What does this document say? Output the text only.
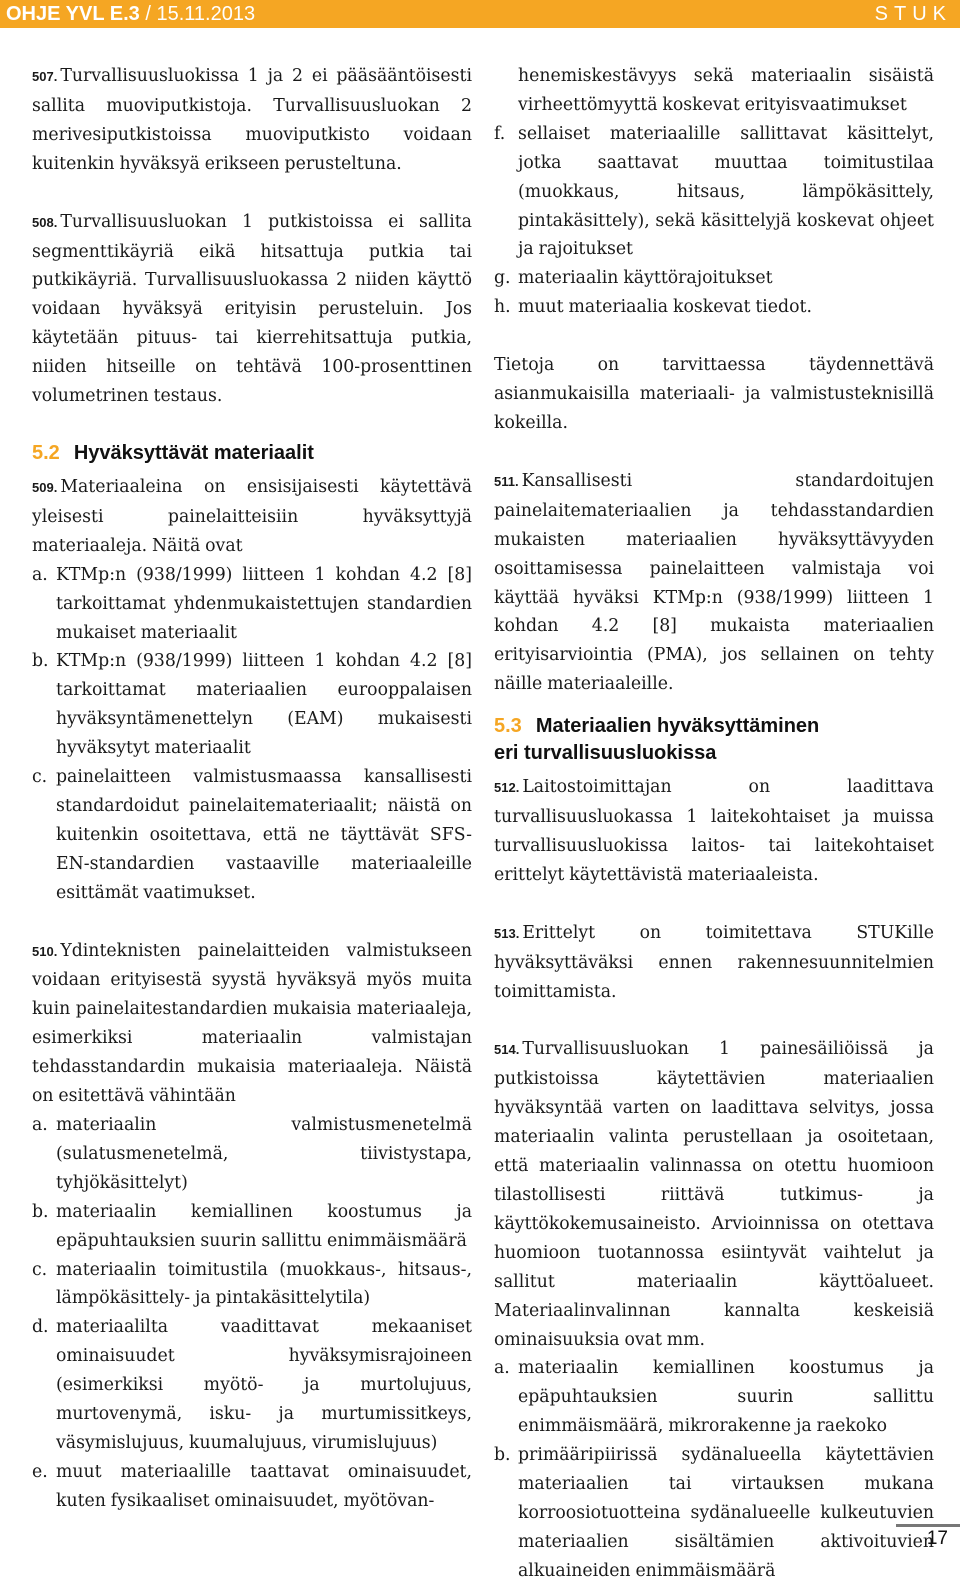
OHJE YVL E.3 / 15.11.2013	STUK

507. Turvallisuusluokissa 1 ja 2 ei pääsääntöisesti sallita muoviputkistoja. Turvallisuusluokan 2 merivesiputkistoissa muoviputkisto voidaan kuitenkin hyväksyä erikseen perusteltuna.

508. Turvallisuusluokan 1 putkistoissa ei sallita segmenttikäyriä eikä hitsattuja putkia tai putkikäyriä. Turvallisuusluokassa 2 niiden käyttö voidaan hyväksyä erityisin perusteluin. Jos käytetään pituus- tai kierrehitsattuja putkia, niiden hitseille on tehtävä 100-prosenttinen volumetrinen testaus.

5.2 Hyväksyttävät materiaalit

509. Materiaaleina on ensisijaisesti käytettävä yleisesti painelaitteisiin hyväksyttyjä materiaaleja. Näitä ovat

a. KTMp:n (938/1999) liitteen 1 kohdan 4.2 [8] tarkoittamat yhdenmukaistettujen standardien mukaiset materiaalit
b. KTMp:n (938/1999) liitteen 1 kohdan 4.2 [8] tarkoittamat materiaalien eurooppalaisen hyväksyntämenettelyn (EAM) mukaisesti hyväksytyt materiaalit
c. painelaitteen valmistusmaassa kansallisesti standardoidut painelaitemateriaalit; näistä on kuitenkin osoitettava, että ne täyttävät SFS-EN-standardien vastaaville materiaaleille esittämät vaatimukset.

510. Ydinteknisten painelaitteiden valmistukseen voidaan erityisestä syystä hyväksyä myös muita kuin painelaitestandardien mukaisia materiaaleja, esimerkiksi materiaalin valmistajan tehdasstandardin mukaisia materiaaleja. Näistä on esitettävä vähintään

a. materiaalin valmistusmenetelmä (sulatusmenetelmä, tiivistystapa, tyhjökäsittelyt)
b. materiaalin kemiallinen koostumus ja epäpuhtauksien suurin sallittu enimmäismäärä
c. materiaalin toimitustila (muokkaus-, hitsaus-, lämpökäsittely- ja pintakäsittelytila)
d. materiaalilta vaadittavat mekaaniset ominaisuudet hyväksymisrajoineen (esimerkiksi myötö- ja murtolujuus, murtovenymä, isku- ja murtumissitkeys, väsymislujuus, kuumalujuus, virumislujuus)
e. muut materiaalille taattavat ominaisuudet, kuten fysikaaliset ominaisuudet, myötövan-
henemiskestävyys sekä materiaalin sisäistä virheettömyyttä koskevat erityisvaatimukset
f. sellaiset materiaalille sallittavat käsittelyt, jotka saattavat muuttaa toimitustilaa (muokkaus, hitsaus, lämpökäsittely, pintakäsittely), sekä käsittelyjä koskevat ohjeet ja rajoitukset
g. materiaalin käyttörajoitukset
h. muut materiaalia koskevat tiedot.

Tietoja on tarvittaessa täydennettävä asianmukaisilla materiaali- ja valmistusteknisillä kokeilla.

511. Kansallisesti standardoitujen painelaitemateriaalien ja tehdasstandardien mukaisten materiaalien hyväksyttävyyden osoittamisessa painelaitteen valmistaja voi käyttää hyväksi KTMp:n (938/1999) liitteen 1 kohdan 4.2 [8] mukaista materiaalien erityisarviointia (PMA), jos sellainen on tehty näille materiaaleille.

5.3 Materiaalien hyväksyttäminen
eri turvallisuusluokissa

512. Laitostoimittajan on laadittava turvallisuusluokassa 1 laitekohtaiset ja muissa turvallisuusluokissa laitos- tai laitekohtaiset erittelyt käytettävistä materiaaleista.

513. Erittelyt on toimitettava STUKille hyväksyttäväksi ennen rakennesuunnitelmien toimittamista.

514. Turvallisuusluokan 1 painesäiliöissä ja putkistoissa käytettävien materiaalien hyväksyntää varten on laadittava selvitys, jossa materiaalin valinta perustellaan ja osoitetaan, että materiaalin valinnassa on otettu huomioon tilastollisesti riittävä tutkimus- ja käyttökokemusaineisto. Arvioinnissa on otettava huomioon tuotannossa esiintyvät vaihtelut ja sallitut materiaalin käyttöalueet. Materiaalinvalinnan kannalta keskeisiä ominaisuuksia ovat mm.

a. materiaalin kemiallinen koostumus ja epäpuhtauksien suurin sallittu enimmäismäärä, mikrorakenne ja raekoko
b. primääripiirissä sydänalueella käytettävien materiaalien tai virtauksen mukana korroosiotuotteina sydänalueelle kulkeutuvien materiaalien sisältämien aktivoituvien alkuaineiden enimmäismäärä
17
